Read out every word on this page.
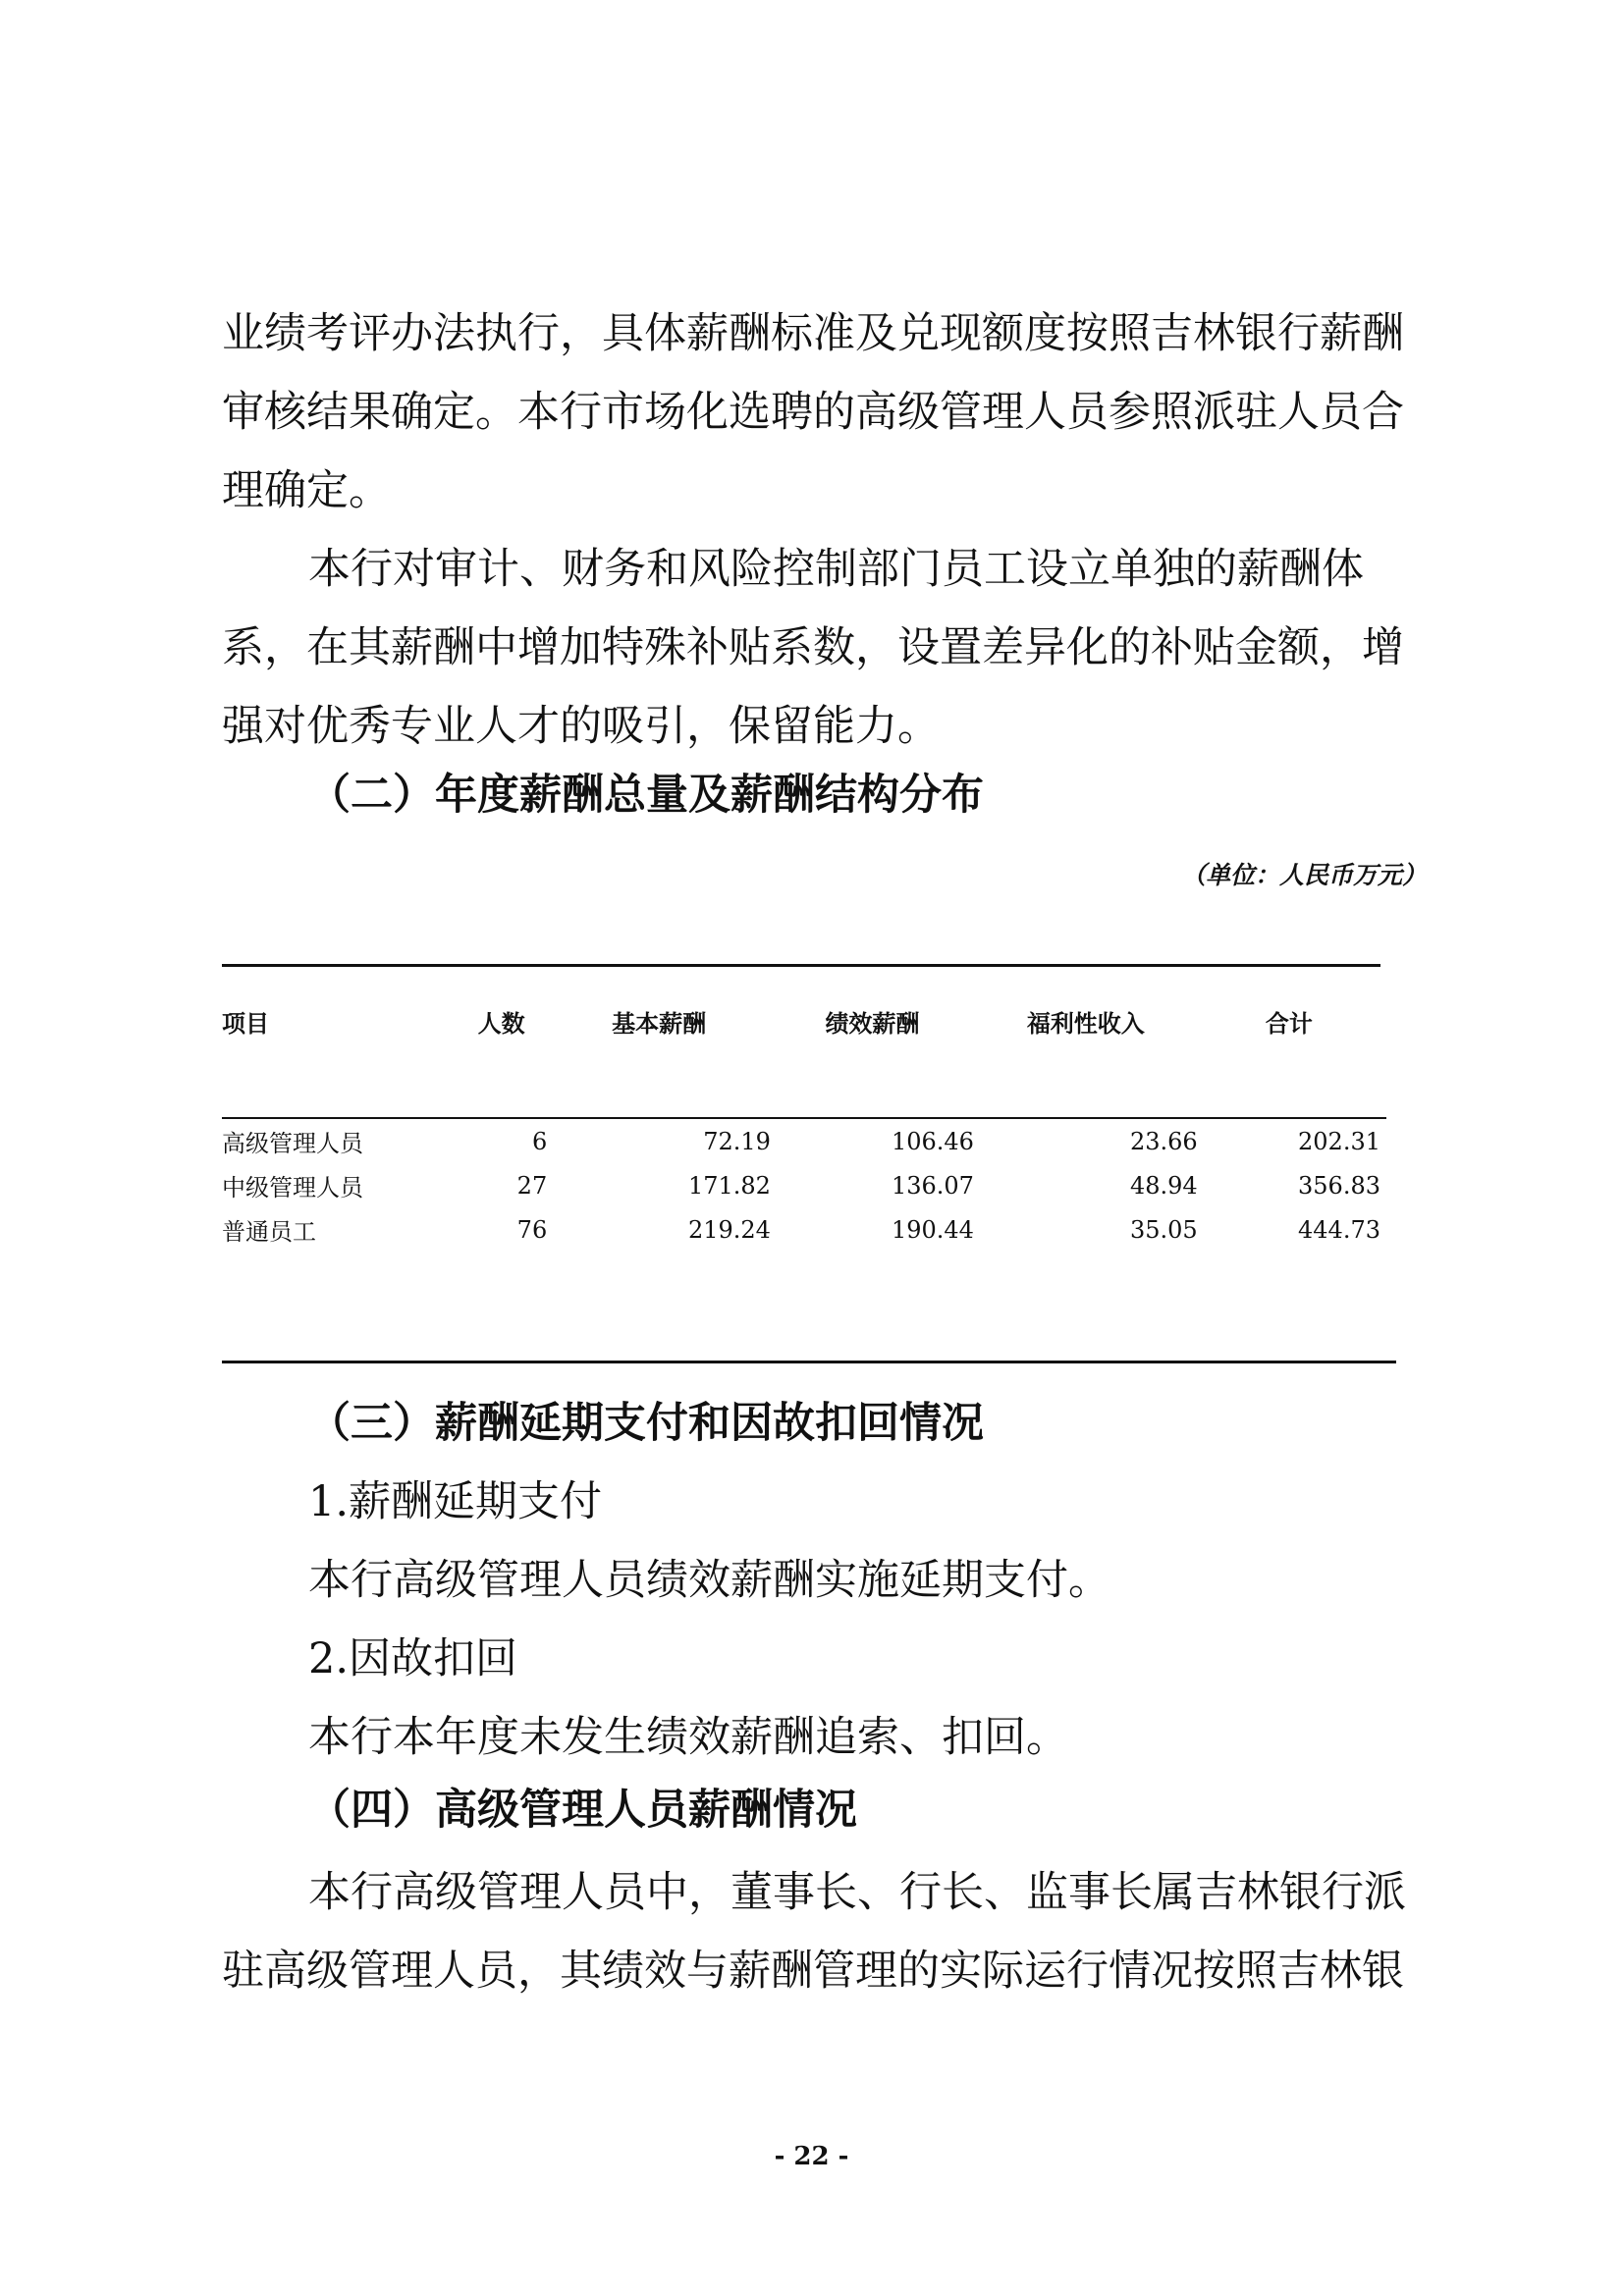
业绩考评办法执行，具体薪酬标准及兑现额度按照吉林银行薪酬审核结果确定。本行市场化选聘的高级管理人员参照派驻人员合理确定。

本行对审计、财务和风险控制部门员工设立单独的薪酬体系，在其薪酬中增加特殊补贴系数，设置差异化的补贴金额，增强对优秀专业人才的吸引，保留能力。

（二）年度薪酬总量及薪酬结构分布

（单位：人民币万元）
项目	人数	基本薪酬	绩效薪酬	福利性收入	合计

高级管理人员	6	72.19	106.46	23.66	202.31
中级管理人员	27	171.82	136.07	48.94	356.83
普通员工	76	219.24	190.44	35.05	444.73

（三）薪酬延期支付和因故扣回情况

1.薪酬延期支付

本行高级管理人员绩效薪酬实施延期支付。

2.因故扣回

本行本年度未发生绩效薪酬追索、扣回。

（四）高级管理人员薪酬情况

本行高级管理人员中，董事长、行长、监事长属吉林银行派驻高级管理人员，其绩效与薪酬管理的实际运行情况按照吉林银

- 22 -
